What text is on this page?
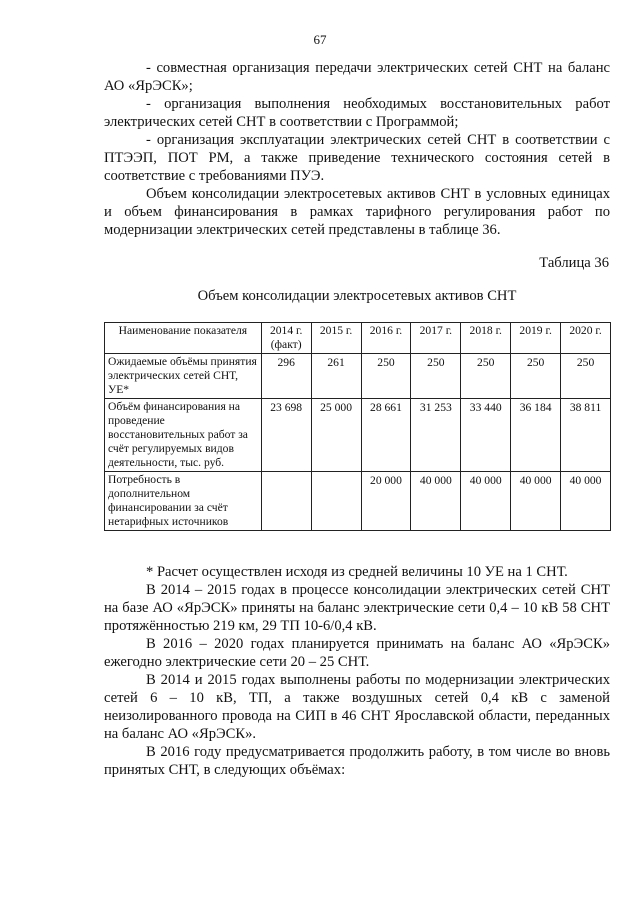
67

- совместная организация передачи электрических сетей СНТ на баланс АО «ЯрЭСК»;

- организация выполнения необходимых восстановительных работ электрических сетей СНТ в соответствии с Программой;

- организация эксплуатации электрических сетей СНТ в соответствии с ПТЭЭП, ПОТ РМ, а также приведение технического состояния сетей в соответствие с требованиями ПУЭ.

Объем консолидации электросетевых активов СНТ в условных единицах и объем финансирования в рамках тарифного регулирования работ по модернизации электрических сетей представлены в таблице 36.

Таблица 36
Объем консолидации электросетевых активов СНТ
Наименование показателя	2014 г. (факт)	2015 г.	2016 г.	2017 г.	2018 г.	2019 г.	2020 г.
Ожидаемые объёмы принятия электрических сетей СНТ, УЕ*	296	261	250	250	250	250	250
Объём финансирования на проведение восстановительных работ за счёт регулируемых видов деятельности, тыс. руб.	23 698	25 000	28 661	31 253	33 440	36 184	38 811
Потребность в дополнительном финансировании за счёт нетарифных источников			20 000	40 000	40 000	40 000	40 000

* Расчет осуществлен исходя из средней величины 10 УЕ на 1 СНТ.

В 2014 – 2015 годах в процессе консолидации электрических сетей СНТ на базе АО «ЯрЭСК» приняты на баланс электрические сети 0,4 – 10 кВ 58 СНТ протяжённостью 219 км, 29 ТП 10-6/0,4 кВ.

В 2016 – 2020 годах планируется принимать на баланс АО «ЯрЭСК» ежегодно электрические сети 20 – 25 СНТ.

В 2014 и 2015 годах выполнены работы по модернизации электрических сетей 6 – 10 кВ, ТП, а также воздушных сетей 0,4 кВ с заменой неизолированного провода на СИП в 46 СНТ Ярославской области, переданных на баланс АО «ЯрЭСК».

В 2016 году предусматривается продолжить работу, в том числе во вновь принятых СНТ, в следующих объёмах:
